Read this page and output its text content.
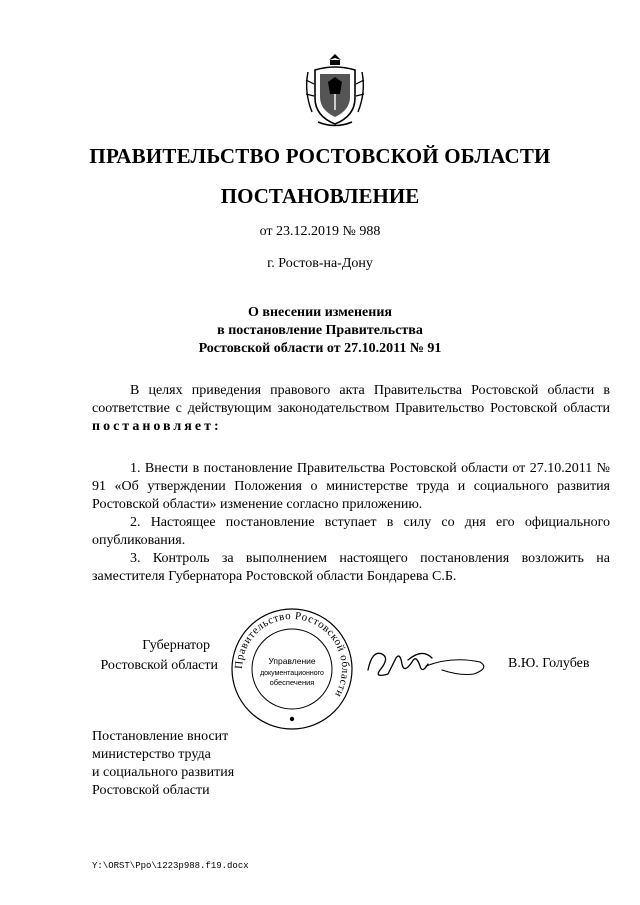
ПРАВИТЕЛЬСТВО РОСТОВСКОЙ ОБЛАСТИ
ПОСТАНОВЛЕНИЕ
от 23.12.2019 № 988
г. Ростов-на-Дону
О внесении изменения
в постановление Правительства
Ростовской области от 27.10.2011 № 91
В целях приведения правового акта Правительства Ростовской области в соответствие с действующим законодательством Правительство Ростовской области постановляет:
1. Внести в постановление Правительства Ростовской области от 27.10.2011 № 91 «Об утверждении Положения о министерстве труда и социального развития Ростовской области» изменение согласно приложению.
2. Настоящее постановление вступает в силу со дня его официального опубликования.
3. Контроль за выполнением настоящего постановления возложить на заместителя Губернатора Ростовской области Бондарева С.Б.
Губернатор
Ростовской области Правительство Ростовской области
Управление
документационного
обеспечения
В.Ю. Голубев
Постановление вносит
министерство труда
и социального развития
Ростовской области
Y:\ORST\Ppo\1223p988.f19.docx
